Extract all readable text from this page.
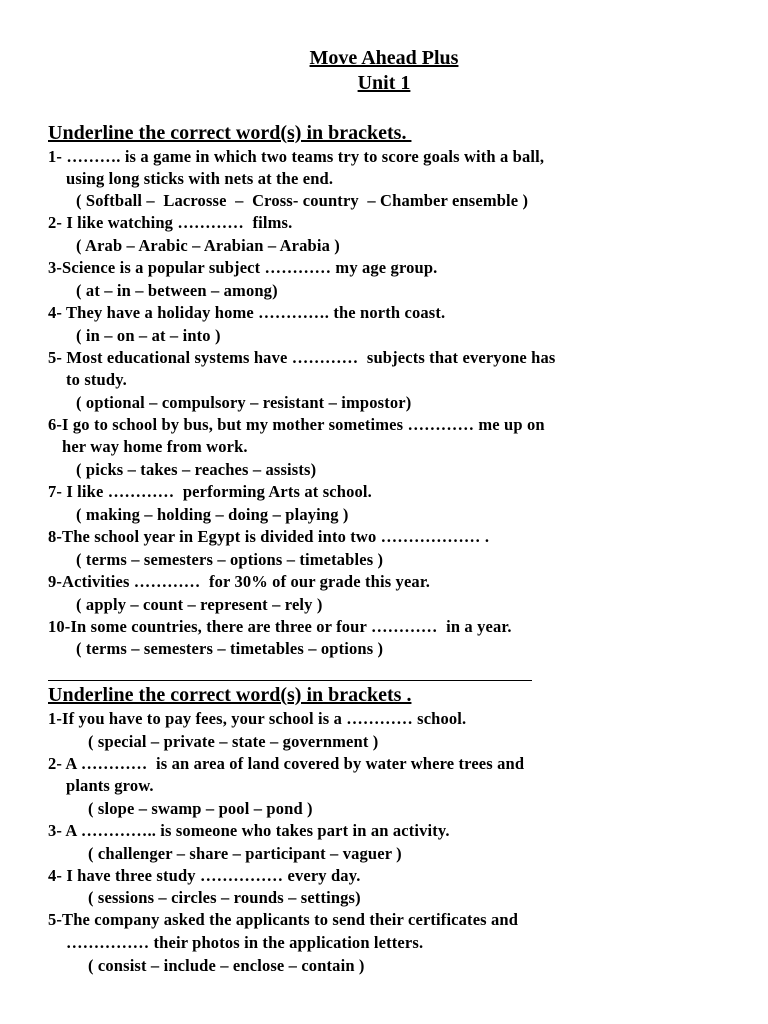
Move Ahead Plus
Unit 1
Underline the correct word(s) in brackets.
1- ………. is a game in which two teams try to score goals with a ball,
using long sticks with nets at the end.
( Softball –  Lacrosse  –  Cross- country  – Chamber ensemble )
2- I like watching …………  films.
( Arab – Arabic – Arabian – Arabia )
3-Science is a popular subject ………… my age group.
( at – in – between – among)
4- They have a holiday home …………. the north coast.
( in – on – at – into )
5- Most educational systems have …………  subjects that everyone has
to study.
( optional – compulsory – resistant – impostor)
6-I go to school by bus, but my mother sometimes ………… me up on
her way home from work.
( picks – takes – reaches – assists)
7- I like …………  performing Arts at school.
( making – holding – doing – playing )
8-The school year in Egypt is divided into two ……………… .
( terms – semesters – options – timetables )
9-Activities …………  for 30% of our grade this year.
( apply – count – represent – rely )
10-In some countries, there are three or four …………  in a year.
( terms – semesters – timetables – options )
Underline the correct word(s) in brackets .
1-If you have to pay fees, your school is a ………… school.
( special – private – state – government )
2- A …………  is an area of land covered by water where trees and
plants grow.
( slope – swamp – pool – pond )
3- A ………….. is someone who takes part in an activity.
( challenger – share – participant – vaguer )
4- I have three study …………… every day.
( sessions – circles – rounds – settings)
5-The company asked the applicants to send their certificates and
…………… their photos in the application letters.
( consist – include – enclose – contain )
